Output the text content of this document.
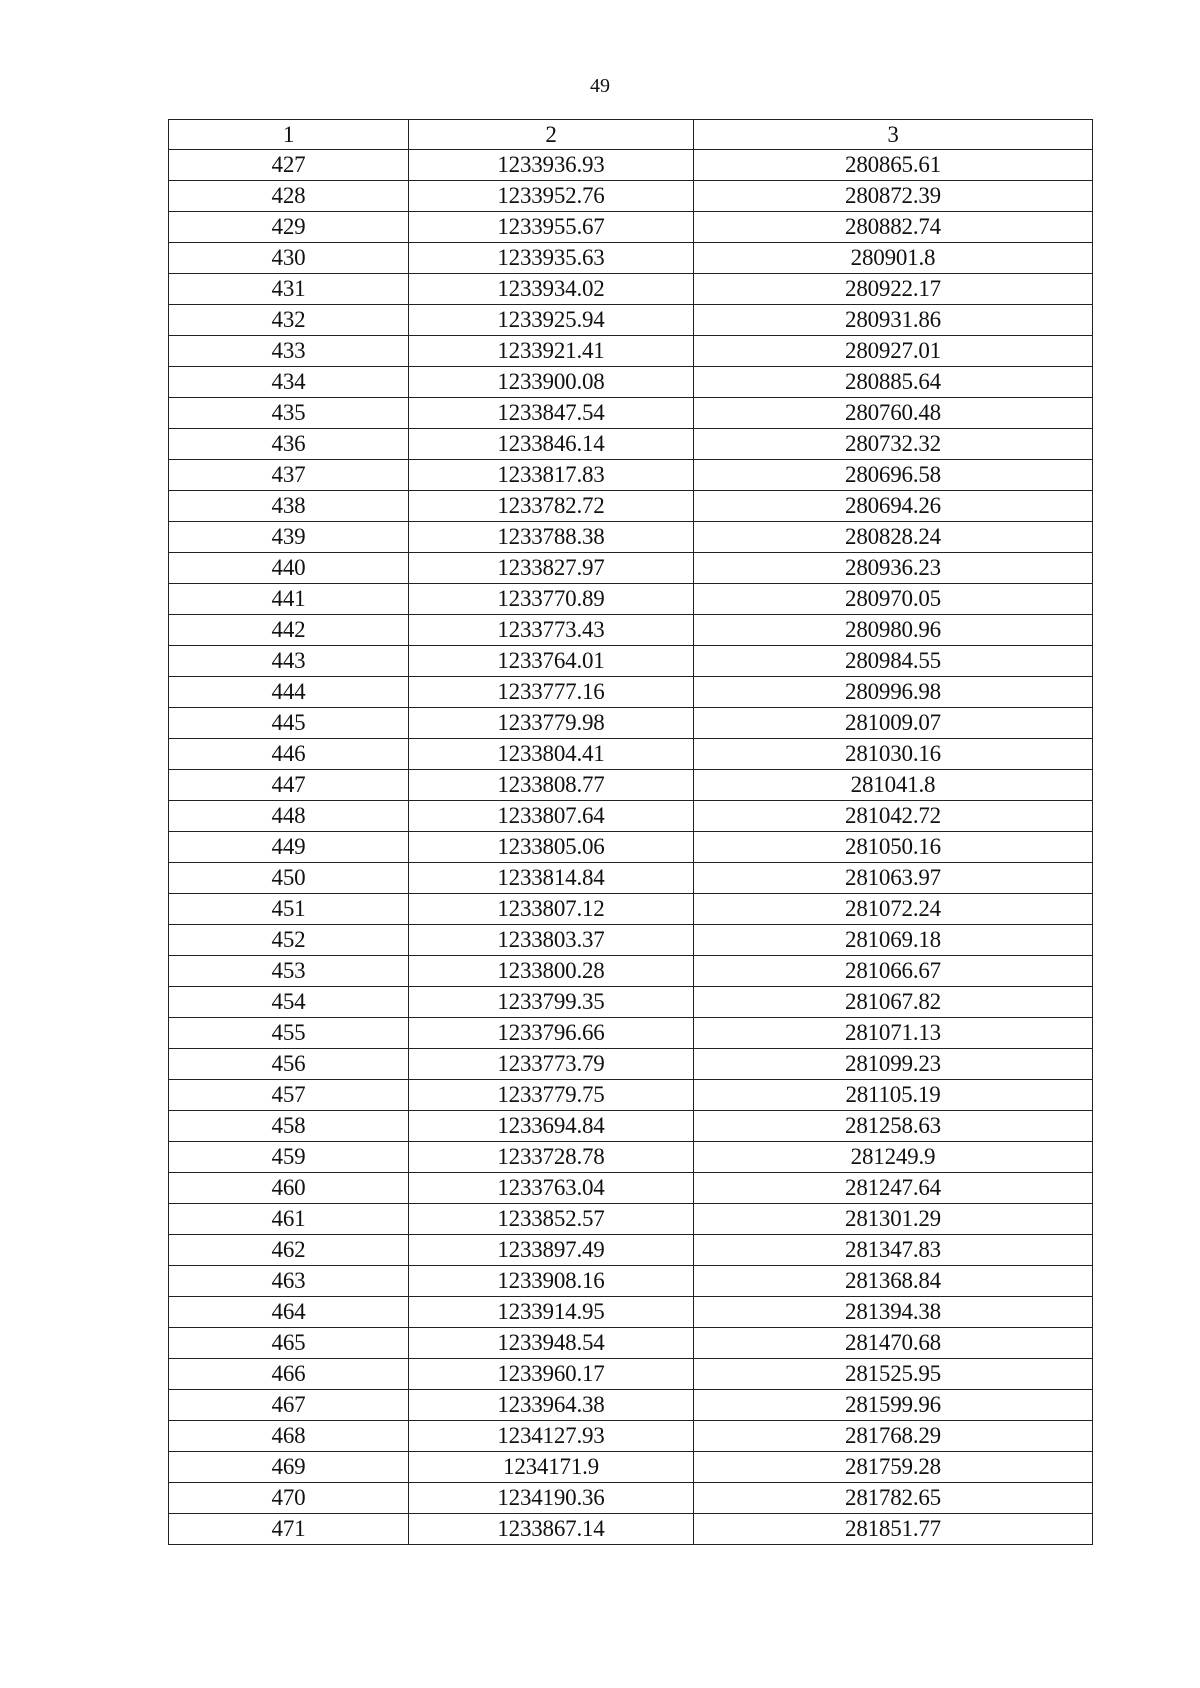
49
1	2	3
427	1233936.93	280865.61
428	1233952.76	280872.39
429	1233955.67	280882.74
430	1233935.63	280901.8
431	1233934.02	280922.17
432	1233925.94	280931.86
433	1233921.41	280927.01
434	1233900.08	280885.64
435	1233847.54	280760.48
436	1233846.14	280732.32
437	1233817.83	280696.58
438	1233782.72	280694.26
439	1233788.38	280828.24
440	1233827.97	280936.23
441	1233770.89	280970.05
442	1233773.43	280980.96
443	1233764.01	280984.55
444	1233777.16	280996.98
445	1233779.98	281009.07
446	1233804.41	281030.16
447	1233808.77	281041.8
448	1233807.64	281042.72
449	1233805.06	281050.16
450	1233814.84	281063.97
451	1233807.12	281072.24
452	1233803.37	281069.18
453	1233800.28	281066.67
454	1233799.35	281067.82
455	1233796.66	281071.13
456	1233773.79	281099.23
457	1233779.75	281105.19
458	1233694.84	281258.63
459	1233728.78	281249.9
460	1233763.04	281247.64
461	1233852.57	281301.29
462	1233897.49	281347.83
463	1233908.16	281368.84
464	1233914.95	281394.38
465	1233948.54	281470.68
466	1233960.17	281525.95
467	1233964.38	281599.96
468	1234127.93	281768.29
469	1234171.9	281759.28
470	1234190.36	281782.65
471	1233867.14	281851.77
